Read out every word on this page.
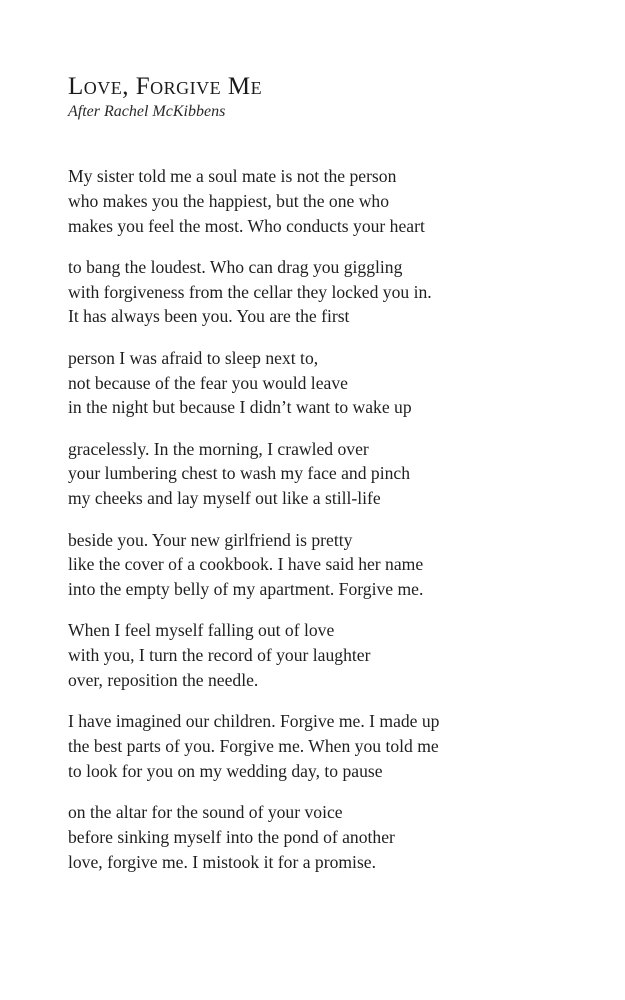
Love, Forgive Me
After Rachel McKibbens
My sister told me a soul mate is not the person
who makes you the happiest, but the one who
makes you feel the most. Who conducts your heart
to bang the loudest. Who can drag you giggling
with forgiveness from the cellar they locked you in.
It has always been you. You are the first
person I was afraid to sleep next to,
not because of the fear you would leave
in the night but because I didn’t want to wake up
gracelessly. In the morning, I crawled over
your lumbering chest to wash my face and pinch
my cheeks and lay myself out like a still-life
beside you. Your new girlfriend is pretty
like the cover of a cookbook. I have said her name
into the empty belly of my apartment. Forgive me.
When I feel myself falling out of love
with you, I turn the record of your laughter
over, reposition the needle.
I have imagined our children. Forgive me. I made up
the best parts of you. Forgive me. When you told me
to look for you on my wedding day, to pause
on the altar for the sound of your voice
before sinking myself into the pond of another
love, forgive me. I mistook it for a promise.
